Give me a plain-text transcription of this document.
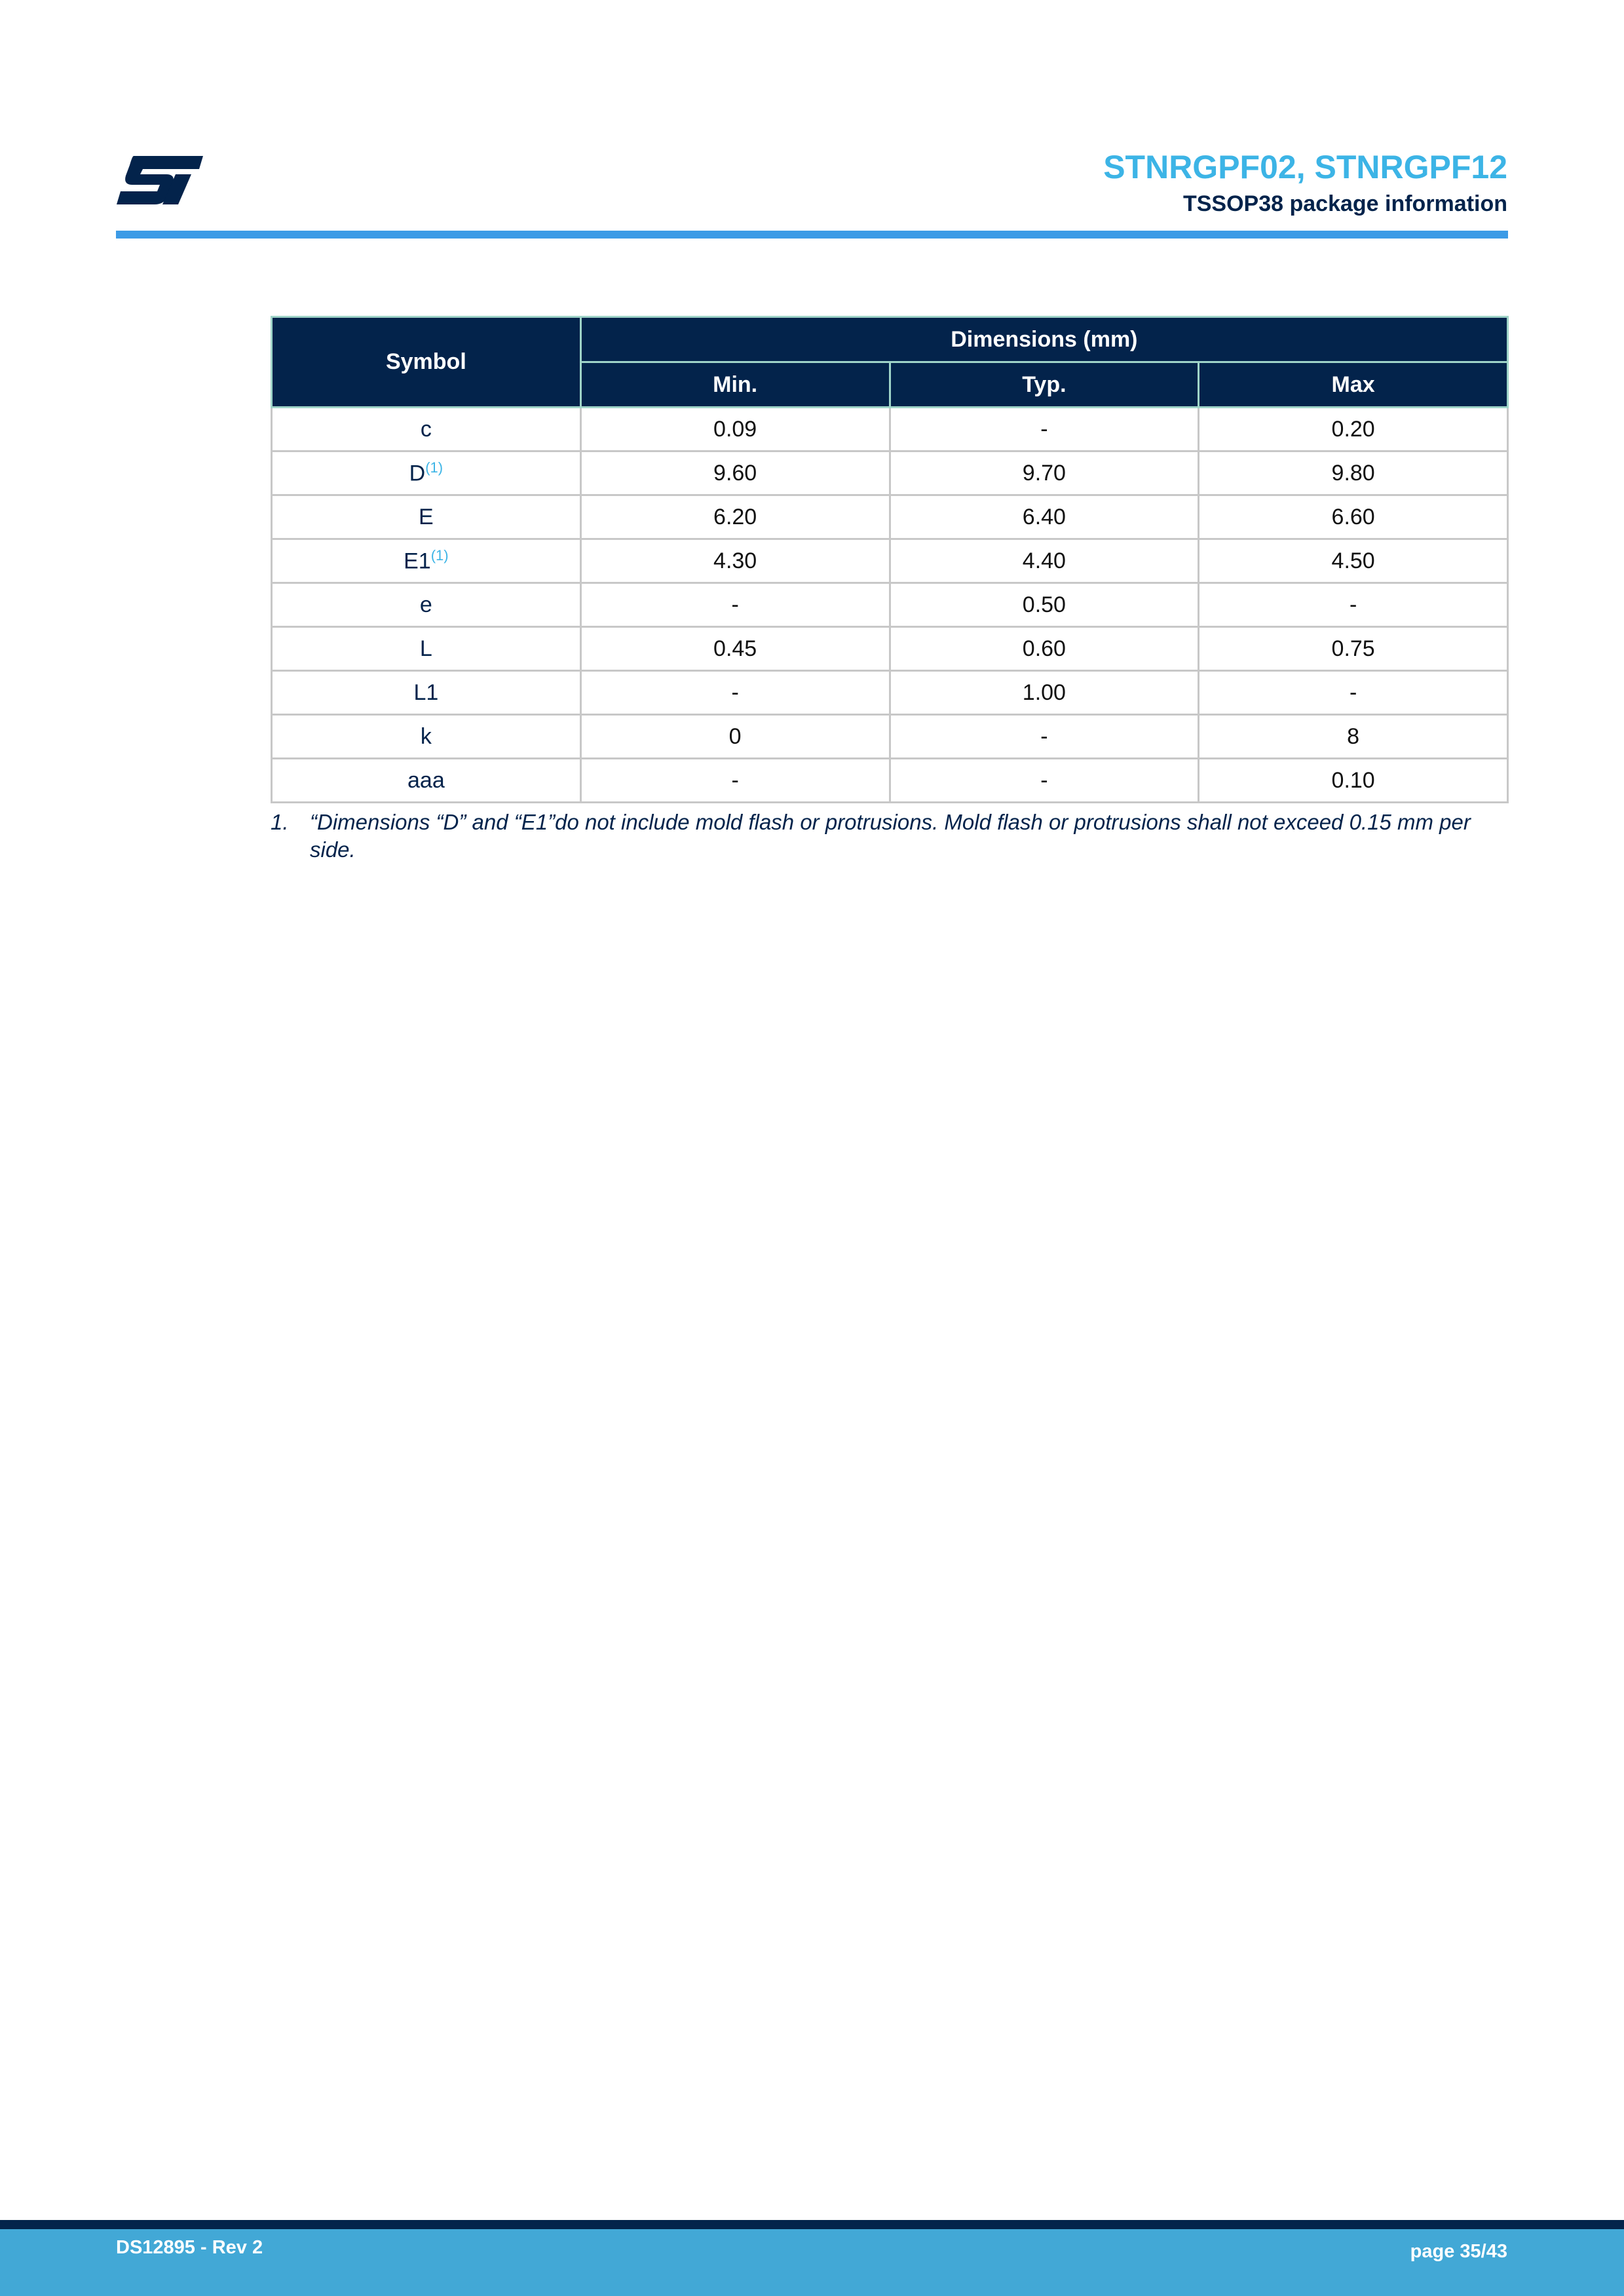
STNRGPF02, STNRGPF12
TSSOP38 package information
Symbol	Dimensions (mm)		
	Min.	Typ.	Max
c	0.09	-	0.20
$D^{(1)}$	9.60	9.70	9.80
E	6.20	6.40	6.60
E1$^{(1)}$	4.30	4.40	4.50
e	-	0.50	-
L	0.45	0.60	0.75
L1	-	1.00	-
k	0	-	8
aaa	-	-	0.10
1. “Dimensions “D” and “E1”do not include mold flash or protrusions. Mold flash or protrusions shall not exceed 0.15 mm per side.
DS12895 - Rev 2	page 35/43
